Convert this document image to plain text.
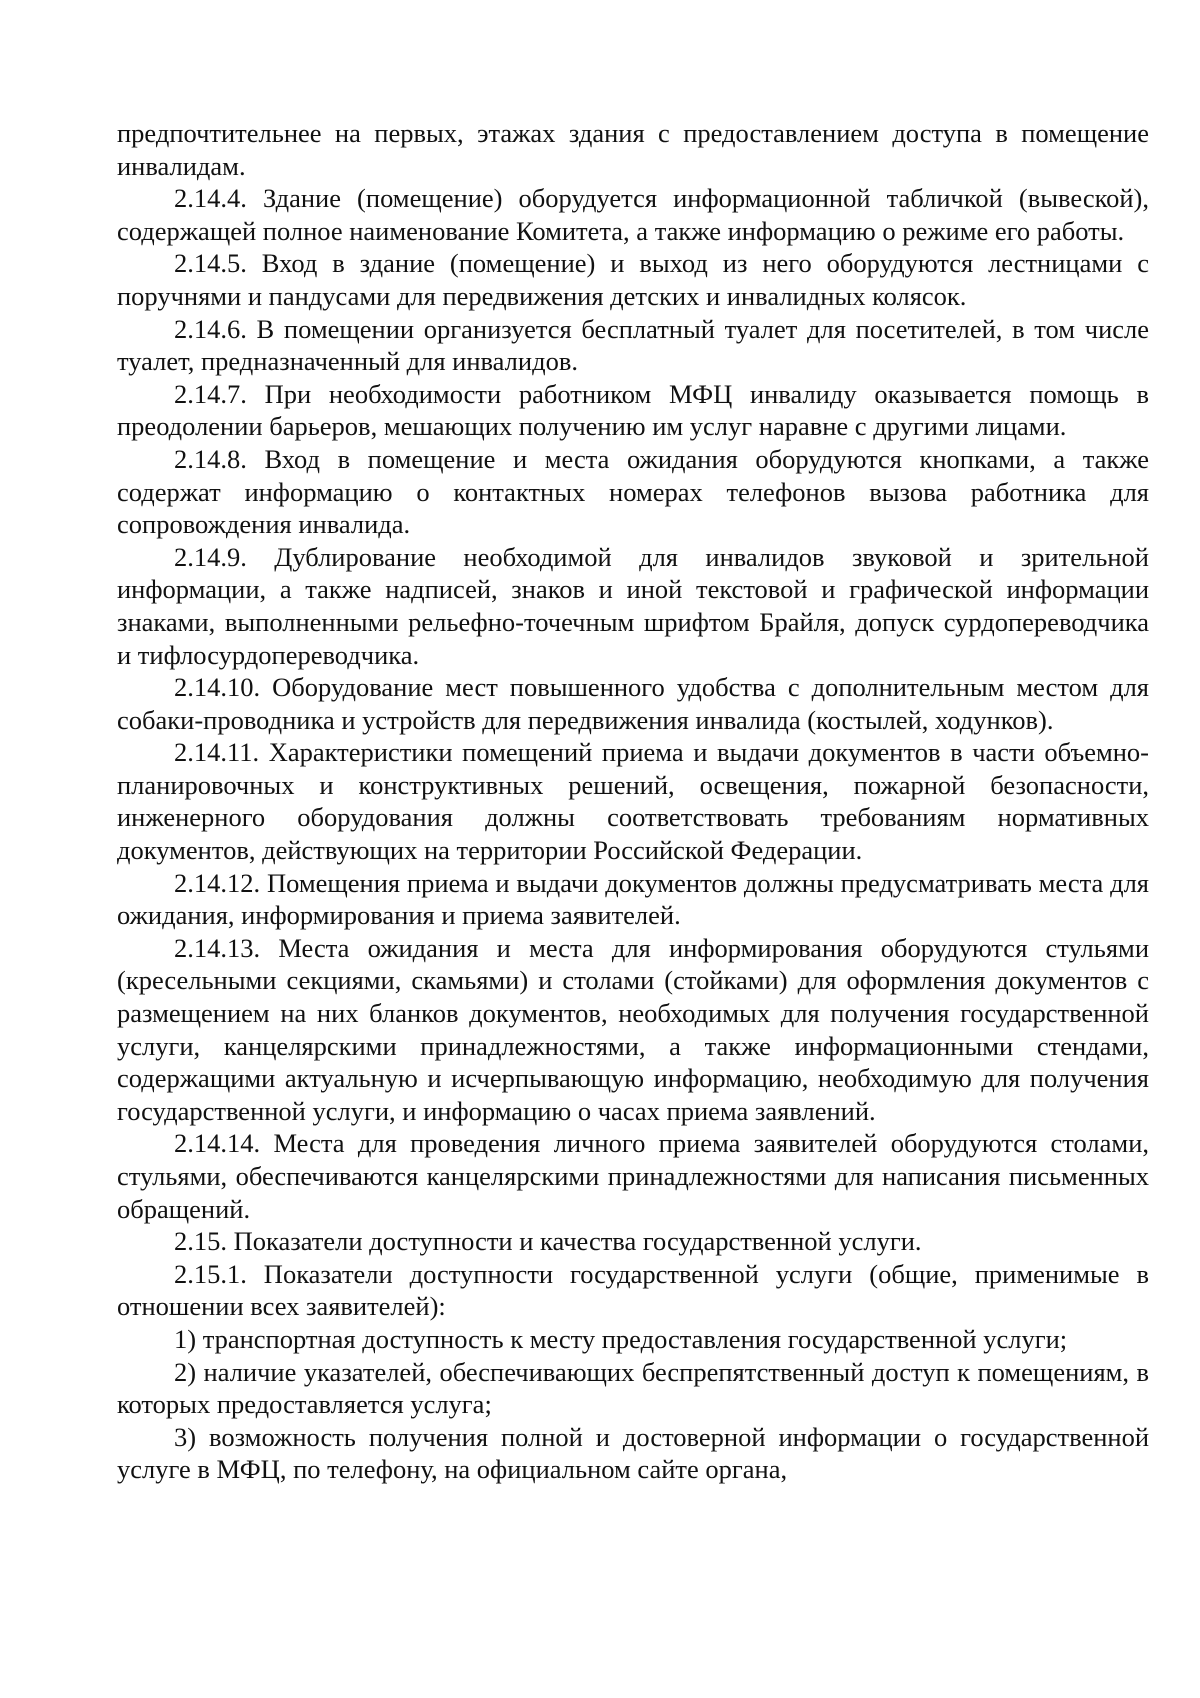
предпочтительнее на первых, этажах здания с предоставлением доступа в помещение инвалидам.

2.14.4. Здание (помещение) оборудуется информационной табличкой (вывеской), содержащей полное наименование Комитета, а также информацию о режиме его работы.

2.14.5. Вход в здание (помещение) и выход из него оборудуются лестницами с поручнями и пандусами для передвижения детских и инвалидных колясок.

2.14.6. В помещении организуется бесплатный туалет для посетителей, в том числе туалет, предназначенный для инвалидов.

2.14.7. При необходимости работником МФЦ инвалиду оказывается помощь в преодолении барьеров, мешающих получению им услуг наравне с другими лицами.

2.14.8. Вход в помещение и места ожидания оборудуются кнопками, а также содержат информацию о контактных номерах телефонов вызова работника для сопровождения инвалида.

2.14.9. Дублирование необходимой для инвалидов звуковой и зрительной информации, а также надписей, знаков и иной текстовой и графической информации знаками, выполненными рельефно-точечным шрифтом Брайля, допуск сурдопереводчика и тифлосурдопереводчика.

2.14.10. Оборудование мест повышенного удобства с дополнительным местом для собаки-проводника и устройств для передвижения инвалида (костылей, ходунков).

2.14.11. Характеристики помещений приема и выдачи документов в части объемно-планировочных и конструктивных решений, освещения, пожарной безопасности, инженерного оборудования должны соответствовать требованиям нормативных документов, действующих на территории Российской Федерации.

2.14.12. Помещения приема и выдачи документов должны предусматривать места для ожидания, информирования и приема заявителей.

2.14.13. Места ожидания и места для информирования оборудуются стульями (кресельными секциями, скамьями) и столами (стойками) для оформления документов с размещением на них бланков документов, необходимых для получения государственной услуги, канцелярскими принадлежностями, а также информационными стендами, содержащими актуальную и исчерпывающую информацию, необходимую для получения государственной услуги, и информацию о часах приема заявлений.

2.14.14. Места для проведения личного приема заявителей оборудуются столами, стульями, обеспечиваются канцелярскими принадлежностями для написания письменных обращений.

2.15. Показатели доступности и качества государственной услуги.

2.15.1. Показатели доступности государственной услуги (общие, применимые в отношении всех заявителей):

1) транспортная доступность к месту предоставления государственной услуги;

2) наличие указателей, обеспечивающих беспрепятственный доступ к помещениям, в которых предоставляется услуга;

3) возможность получения полной и достоверной информации о государственной услуге в МФЦ, по телефону, на официальном сайте органа,
